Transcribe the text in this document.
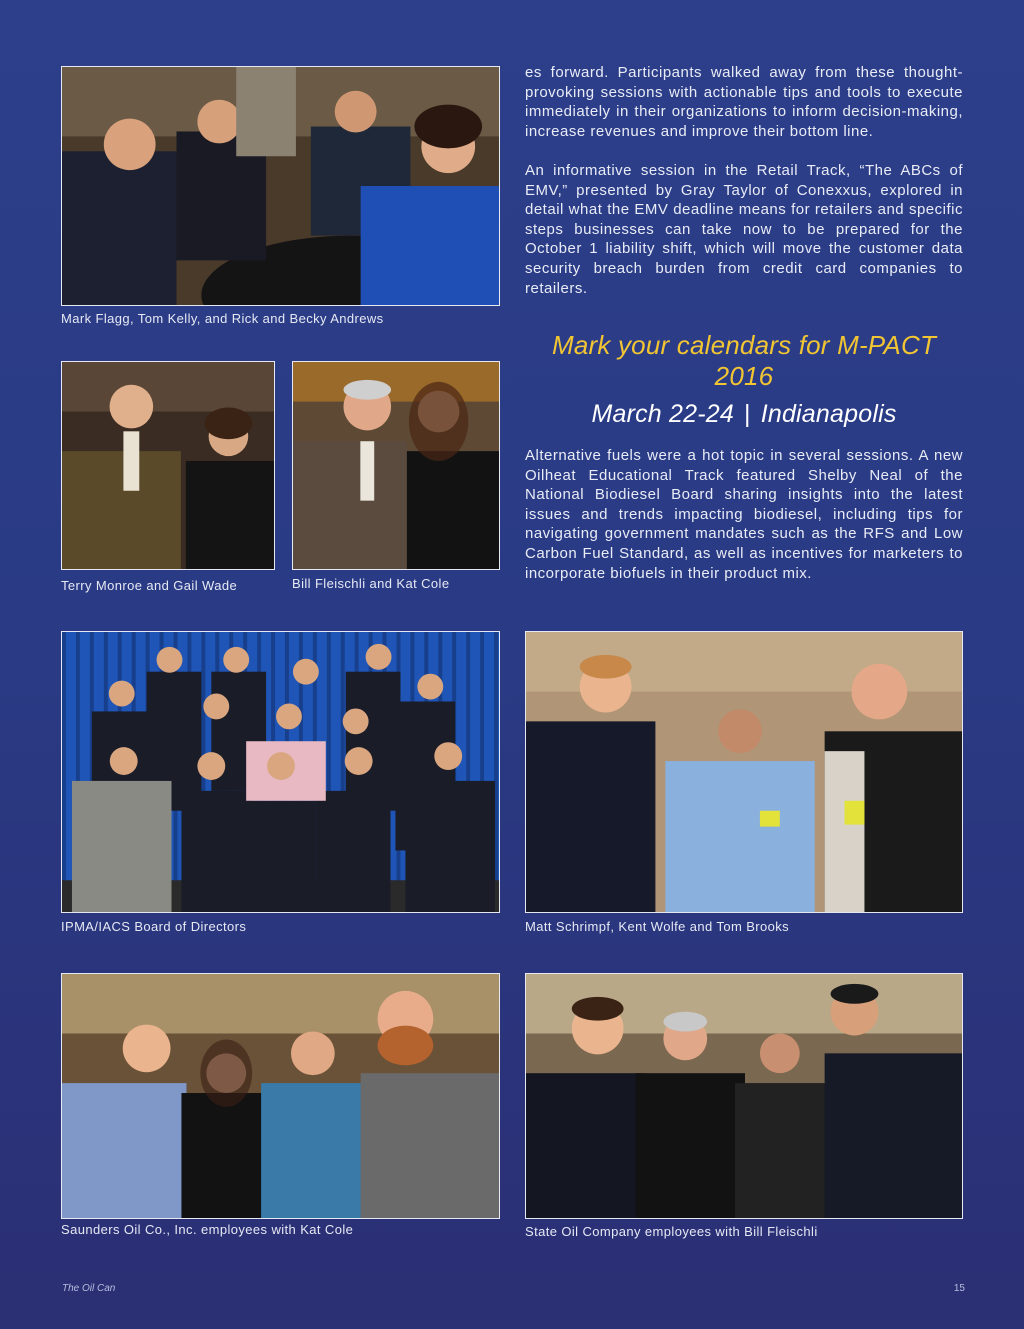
Mark Flagg, Tom Kelly, and Rick and Becky Andrews

Terry Monroe and Gail Wade	Bill Fleischli and Kat Cole

IPMA/IACS Board of Directors	Matt Schrimpf, Kent Wolfe and Tom Brooks

Saunders Oil Co., Inc. employees with Kat Cole	State Oil Company employees with Bill Fleischli

es forward. Participants walked away from these thought-provoking sessions with actionable tips and tools to execute immediately in their organizations to inform decision-making, increase revenues and improve their bottom line.

An informative session in the Retail Track, “The ABCs of EMV,” presented by Gray Taylor of Conexxus, explored in detail what the EMV deadline means for retailers and specific steps businesses can take now to be prepared for the October 1 liability shift, which will move the customer data security breach burden from credit card companies to retailers.

Mark your calendars for M-PACT 2016

March 22-24 | Indianapolis

Alternative fuels were a hot topic in several sessions. A new Oilheat Educational Track featured Shelby Neal of the National Biodiesel Board sharing insights into the latest issues and trends impacting biodiesel, including tips for navigating government mandates such as the RFS and Low Carbon Fuel Standard, as well as incentives for marketers to incorporate biofuels in their product mix.

The Oil Can	15
